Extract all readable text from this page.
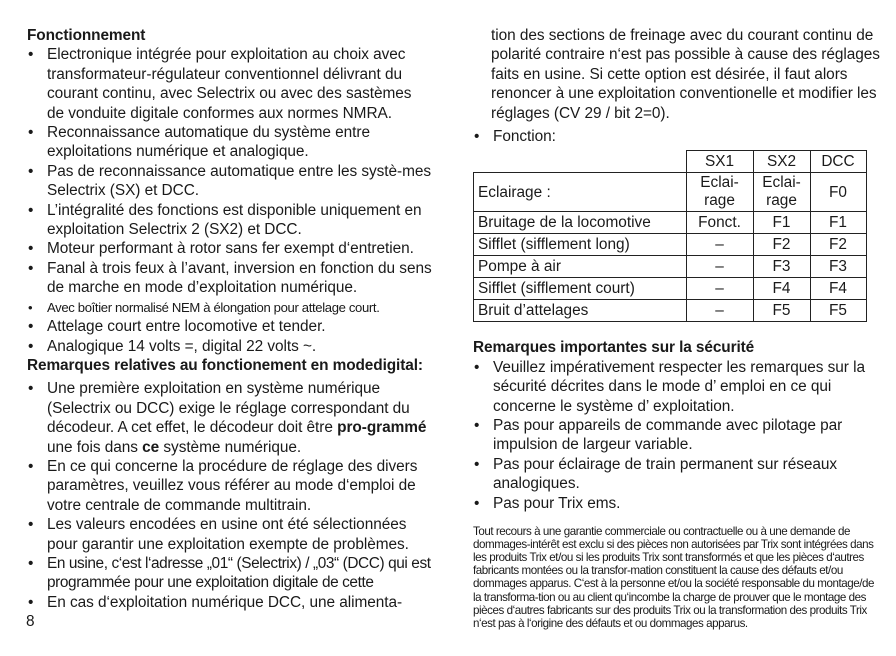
Fonctionnement

• Electronique intégrée pour exploitation au choix avec transformateur-régulateur conventionnel délivrant du courant continu, avec Selectrix ou avec des sastèmes de vonduite digitale conformes aux normes NMRA.
• Reconnaissance automatique du système entre exploitations numérique et analogique.
• Pas de reconnaissance automatique entre les systè-mes Selectrix (SX) et DCC.
• L’intégralité des fonctions est disponible uniquement en exploitation Selectrix 2 (SX2) et DCC.
• Moteur performant à rotor sans fer exempt d‘entretien.
• Fanal à trois feux à l’avant, inversion en fonction du sens de marche en mode d’exploitation numérique.
• Avec boîtier normalisé NEM à élongation pour attelage court.
• Attelage court entre locomotive et tender.
• Analogique 14 volts =, digital 22 volts ~.

Remarques relatives au fonctionement en modedigital:

• Une première exploitation en système numérique (Selectrix ou DCC) exige le réglage correspondant du décodeur. A cet effet, le décodeur doit être pro-grammé une fois dans ce système numérique.
• En ce qui concerne la procédure de réglage des divers paramètres, veuillez vous référer au mode d‘emploi de votre centrale de commande multitrain.
• Les valeurs encodées en usine ont été sélectionnées pour garantir une exploitation exempte de problèmes.
• En usine, c‘est l‘adresse „01“ (Selectrix) / „03“ (DCC) qui est programmée pour une exploitation digitale de cette
• En cas d‘exploitation numérique DCC, une alimenta-
8
tion des sections de freinage avec du courant continu de polarité contraire n‘est pas possible à cause des réglages faits en usine. Si cette option est désirée, il faut alors renoncer à une exploitation conventionelle et modifier les réglages (CV 29 / bit 2=0).
• Fonction:
	SX1	SX2	DCC
Eclairage :	Eclai-rage	Eclai-rage	F0
Bruitage de la locomotive	Fonct.	F1	F1
Sifflet (sifflement long)	–	F2	F2
Pompe à air	–	F3	F3
Sifflet (sifflement court)	–	F4	F4
Bruit d’attelages	–	F5	F5

Remarques importantes sur la sécurité

• Veuillez impérativement respecter les remarques sur la sécurité décrites dans le mode d’ emploi en ce qui concerne le système d’ exploitation.
• Pas pour appareils de commande avec pilotage par impulsion de largeur variable.
• Pas pour éclairage de train permanent sur réseaux analogiques.
• Pas pour Trix ems.
Tout recours à une garantie commerciale ou contractuelle ou à une demande de dommages-intérêt est exclu si des pièces non autorisées par Trix sont intégrées dans les produits Trix et/ou si les produits Trix sont transformés et que les pièces d‘autres fabricants montées ou la transfor-mation constituent la cause des défauts et/ou dommages apparus. C‘est à la personne et/ou la société responsable du montage/de la transforma-tion ou au client qu‘incombe la charge de prouver que le montage des pièces d‘autres fabricants sur des produits Trix ou la transformation des produits Trix n‘est pas à l‘origine des défauts et ou dommages apparus.
